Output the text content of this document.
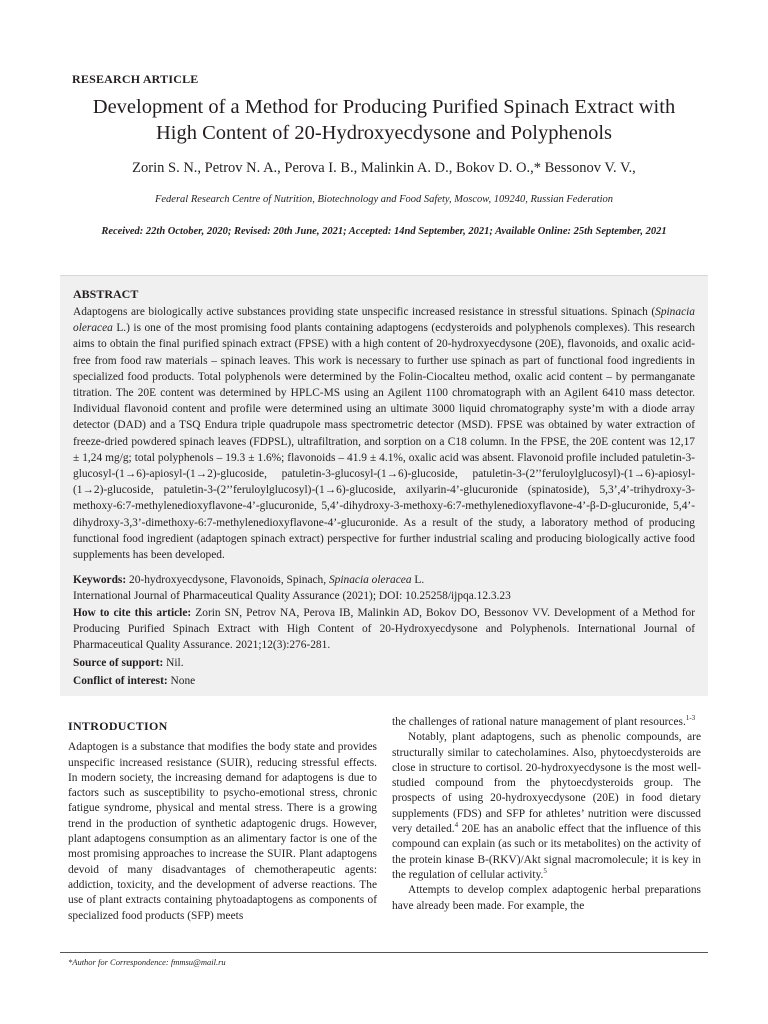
RESEARCH ARTICLE
Development of a Method for Producing Purified Spinach Extract with
High Content of 20-Hydroxyecdysone and Polyphenols
Zorin S. N., Petrov N. A., Perova I. B., Malinkin A. D., Bokov D. O.,* Bessonov V. V.,
Federal Research Centre of Nutrition, Biotechnology and Food Safety, Moscow, 109240, Russian Federation
Received: 22th October, 2020; Revised: 20th June, 2021; Accepted: 14nd September, 2021; Available Online: 25th September, 2021
ABSTRACT

Adaptogens are biologically active substances providing state unspecific increased resistance in stressful situations. Spinach (Spinacia oleracea L.) is one of the most promising food plants containing adaptogens (ecdysteroids and polyphenols complexes). This research aims to obtain the final purified spinach extract (FPSE) with a high content of 20-hydroxyecdysone (20E), flavonoids, and oxalic acid-free from food raw materials – spinach leaves. This work is necessary to further use spinach as part of functional food ingredients in specialized food products. Total polyphenols were determined by the Folin-Ciocalteu method, oxalic acid content – by permanganate titration. The 20E content was determined by HPLC-MS using an Agilent 1100 chromatograph with an Agilent 6410 mass detector. Individual flavonoid content and profile were determined using an ultimate 3000 liquid chromatography syste’m with a diode array detector (DAD) and a TSQ Endura triple quadrupole mass spectrometric detector (MSD). FPSE was obtained by water extraction of freeze-dried powdered spinach leaves (FDPSL), ultrafiltration, and sorption on a C18 column. In the FPSE, the 20E content was 12,17 ± 1,24 mg/g; total polyphenols – 19.3 ± 1.6%; flavonoids – 41.9 ± 4.1%, oxalic acid was absent. Flavonoid profile included patuletin-3-glucosyl-(1→6)-apiosyl-(1→2)-glucoside, patuletin-3-glucosyl-(1→6)-glucoside, patuletin-3-(2’’feruloylglucosyl)-(1→6)-apiosyl-(1→2)-glucoside, patuletin-3-(2’’feruloylglucosyl)-(1→6)-glucoside, axilyarin-4’-glucuronide (spinatoside), 5,3’,4’-trihydroxy-3-methoxy-6:7-methylenedioxyflavone-4’-glucuronide, 5,4’-dihydroxy-3-methoxy-6:7-methylenedioxyflavone-4’-β-D-glucuronide, 5,4’-dihydroxy-3,3’-dimethoxy-6:7-methylenedioxyflavone-4’-glucuronide. As a result of the study, a laboratory method of producing functional food ingredient (adaptogen spinach extract) perspective for further industrial scaling and producing biologically active food supplements has been developed.

Keywords: 20-hydroxyecdysone, Flavonoids, Spinach, Spinacia oleracea L.
International Journal of Pharmaceutical Quality Assurance (2021); DOI: 10.25258/ijpqa.12.3.23
How to cite this article: Zorin SN, Petrov NA, Perova IB, Malinkin AD, Bokov DO, Bessonov VV. Development of a Method for Producing Purified Spinach Extract with High Content of 20-Hydroxyecdysone and Polyphenols. International Journal of Pharmaceutical Quality Assurance. 2021;12(3):276-281.
Source of support: Nil.
Conflict of interest: None
INTRODUCTION

Adaptogen is a substance that modifies the body state and provides unspecific increased resistance (SUIR), reducing stressful effects. In modern society, the increasing demand for adaptogens is due to factors such as susceptibility to psycho-emotional stress, chronic fatigue syndrome, physical and mental stress. There is a growing trend in the production of synthetic adaptogenic drugs. However, plant adaptogens consumption as an alimentary factor is one of the most promising approaches to increase the SUIR. Plant adaptogens devoid of many disadvantages of chemotherapeutic agents: addiction, toxicity, and the development of adverse reactions. The use of plant extracts containing phytoadaptogens as components of specialized food products (SFP) meets

the challenges of rational nature management of plant resources.$^{1-3}$

Notably, plant adaptogens, such as phenolic compounds, are structurally similar to catecholamines. Also, phytoecdysteroids are close in structure to cortisol. 20-hydroxyecdysone is the most well-studied compound from the phytoecdysteroids group. The prospects of using 20-hydroxyecdysone (20E) in food dietary supplements (FDS) and SFP for athletes’ nutrition were discussed very detailed.$^4$ 20E has an anabolic effect that the influence of this compound can explain (as such or its metabolites) on the activity of the protein kinase B-(RKV)/Akt signal macromolecule; it is key in the regulation of cellular activity.$^5$

Attempts to develop complex adaptogenic herbal preparations have already been made. For example, the

*Author for Correspondence: fmmsu@mail.ru
